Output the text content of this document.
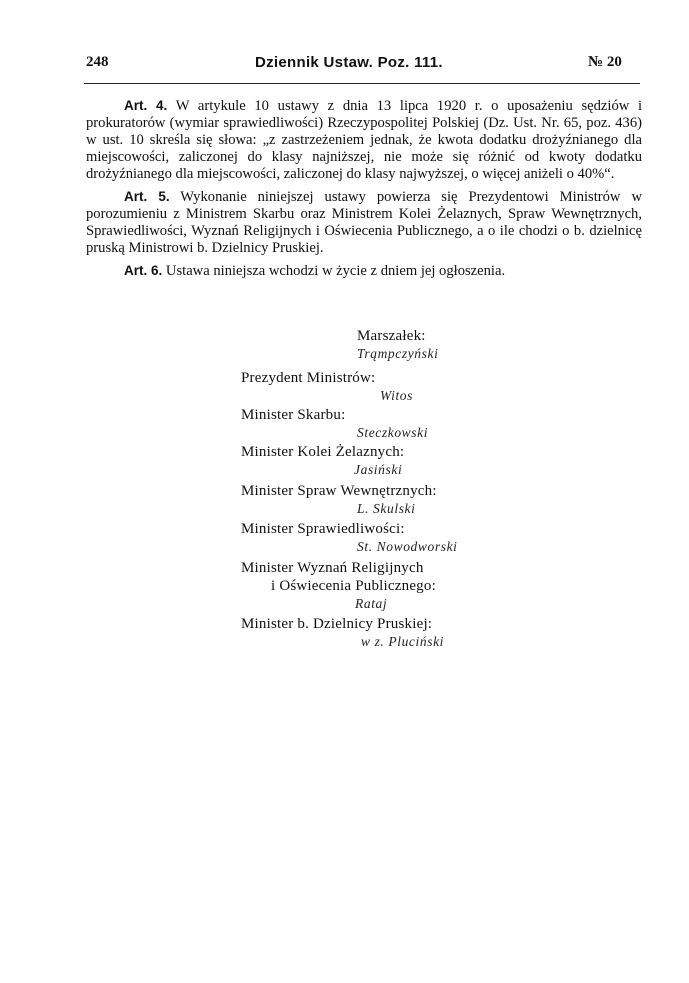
248	Dziennik Ustaw. Poz. 111.	№ 20

Art. 4. W artykule 10 ustawy z dnia 13 lipca 1920 r. o uposażeniu sędziów i prokuratorów (wymiar sprawiedliwości) Rzeczypospolitej Polskiej (Dz. Ust. Nr. 65, poz. 436) w ust. 10 skreśla się słowa: „z zastrzeżeniem jednak, że kwota dodatku drożyźnianego dla miejscowości, zaliczonej do klasy najniższej, nie może się różnić od kwoty dodatku drożyźnianego dla miejscowości, zaliczonej do klasy najwyższej, o więcej aniżeli o 40%“.

Art. 5. Wykonanie niniejszej ustawy powierza się Prezydentowi Ministrów w porozumieniu z Ministrem Skarbu oraz Ministrem Kolei Żelaznych, Spraw Wewnętrznych, Sprawiedliwości, Wyznań Religijnych i Oświecenia Publicznego, a o ile chodzi o b. dzielnicę pruską Ministrowi b. Dzielnicy Pruskiej.

Art. 6. Ustawa niniejsza wchodzi w życie z dniem jej ogłoszenia.

Marszałek:
Trąmpczyński
Prezydent Ministrów:
Witos
Minister Skarbu:
Steczkowski
Minister Kolei Żelaznych:
Jasiński
Minister Spraw Wewnętrznych:
L. Skulski
Minister Sprawiedliwości:
St. Nowodworski
Minister Wyznań Religijnych
i Oświecenia Publicznego:
Rataj
Minister b. Dzielnicy Pruskiej:
w z. Pluciński
